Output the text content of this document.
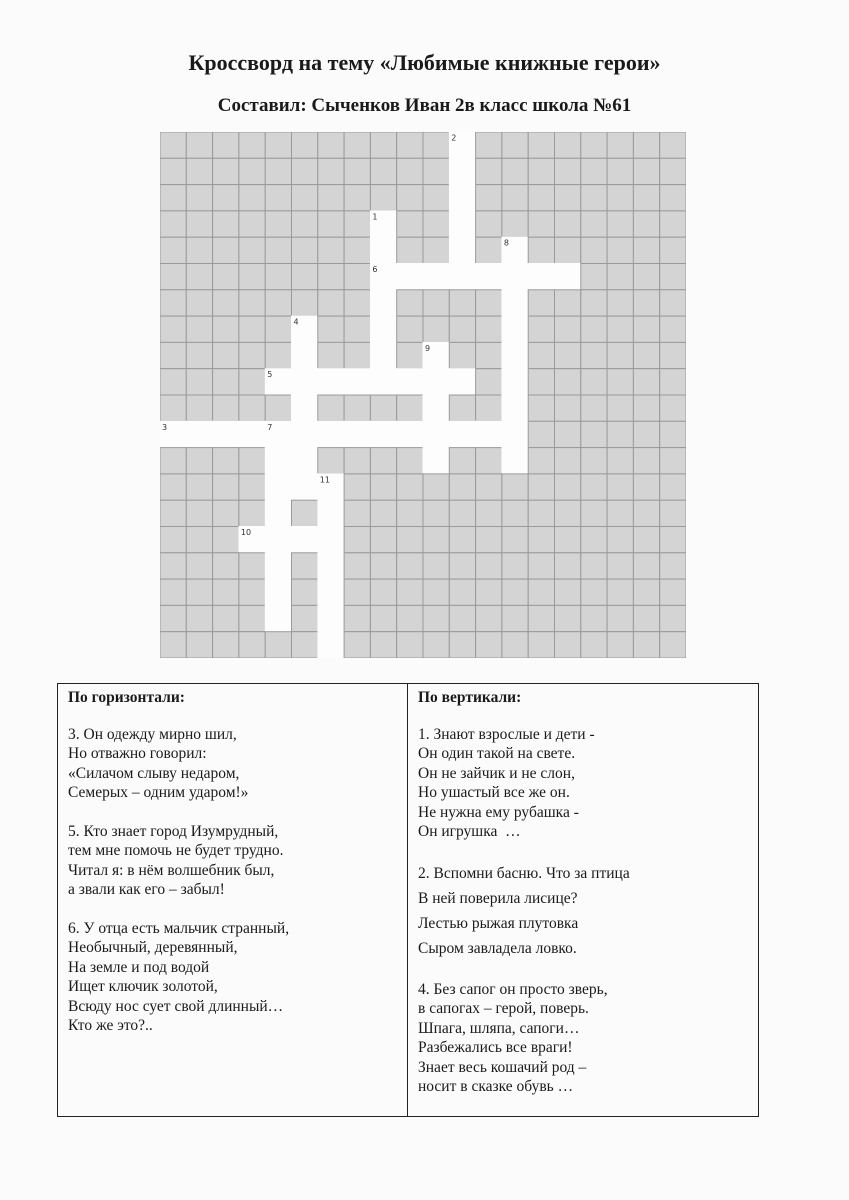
Кроссворд на тему «Любимые книжные герои»
Составил: Сыченков Иван 2в класс школа №61
1
2
3
4
5
6
7
8
9
10
11
По горизонтали:
3. Он одежду мирно шил,
Но отважно говорил:
«Силачом слыву недаром,
Семерых – одним ударом!»
5. Кто знает город Изумрудный,
тем мне помочь не будет трудно.
Читал я: в нём волшебник был,
а звали как его – забыл!
6. У отца есть мальчик странный,
Необычный, деревянный,
На земле и под водой
Ищет ключик золотой,
Всюду нос сует свой длинный…
Кто же это?..
По вертикали:
1. Знают взрослые и дети -
Он один такой на свете.
Он не зайчик и не слон,
Но ушастый все же он.
Не нужна ему рубашка -
Он игрушка  …
2. Вспомни басню. Что за птица
В ней поверила лисице?
Лестью рыжая плутовка
Сыром завладела ловко.
4. Без сапог он просто зверь,
в сапогах – герой, поверь.
Шпага, шляпа, сапоги…
Разбежались все враги!
Знает весь кошачий род –
носит в сказке обувь …
